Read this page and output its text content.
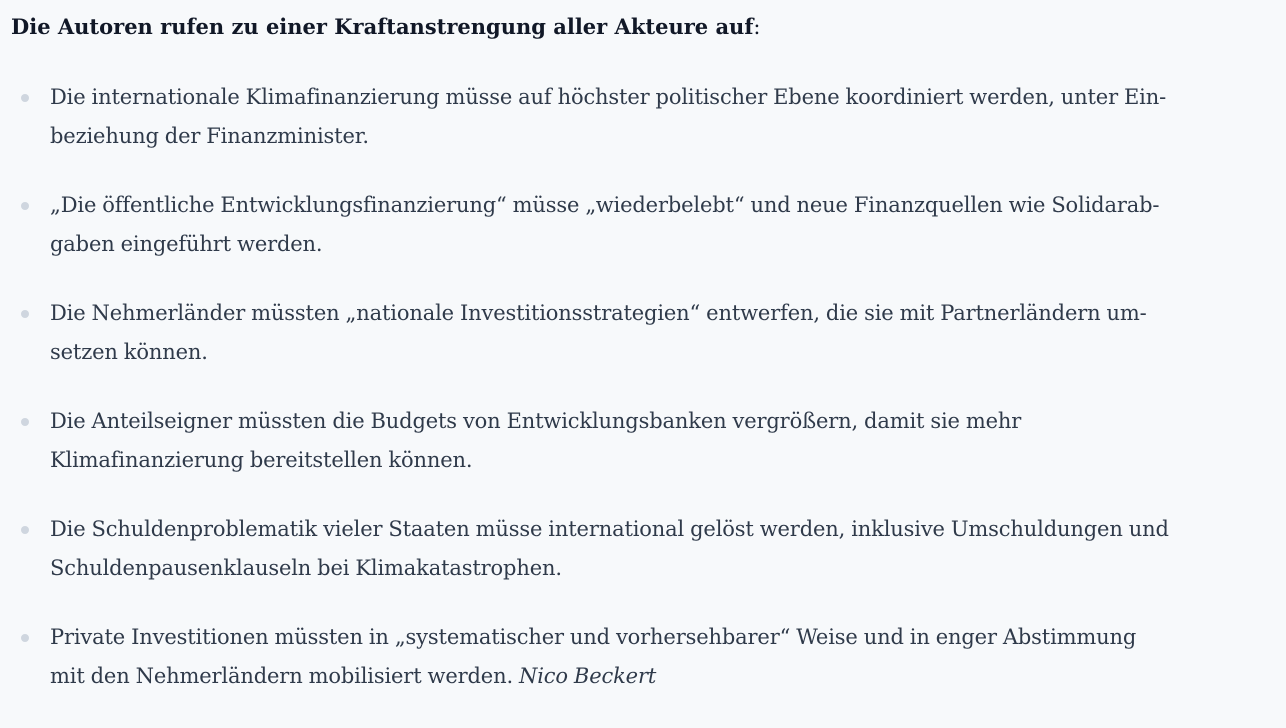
Die Autoren rufen zu einer Kraftanstrengung aller Akteure auf:

Die internationale Klimafinanzierung müsse auf höchster politischer Ebene koordiniert werden, unter Ein-
beziehung der Finanzminister.

„Die öffentliche Entwicklungsfinanzierung“ müsse „wiederbelebt“ und neue Finanzquellen wie Solidarab-
gaben eingeführt werden.

Die Nehmerländer müssten „nationale Investitionsstrategien“ entwerfen, die sie mit Partnerländern um-
setzen können.

Die Anteilseigner müssten die Budgets von Entwicklungsbanken vergrößern, damit sie mehr
Klimafinanzierung bereitstellen können.

Die Schuldenproblematik vieler Staaten müsse international gelöst werden, inklusive Umschuldungen und
Schuldenpausenklauseln bei Klimakatastrophen.

Private Investitionen müssten in „systematischer und vorhersehbarer“ Weise und in enger Abstimmung
mit den Nehmerländern mobilisiert werden. Nico Beckert
